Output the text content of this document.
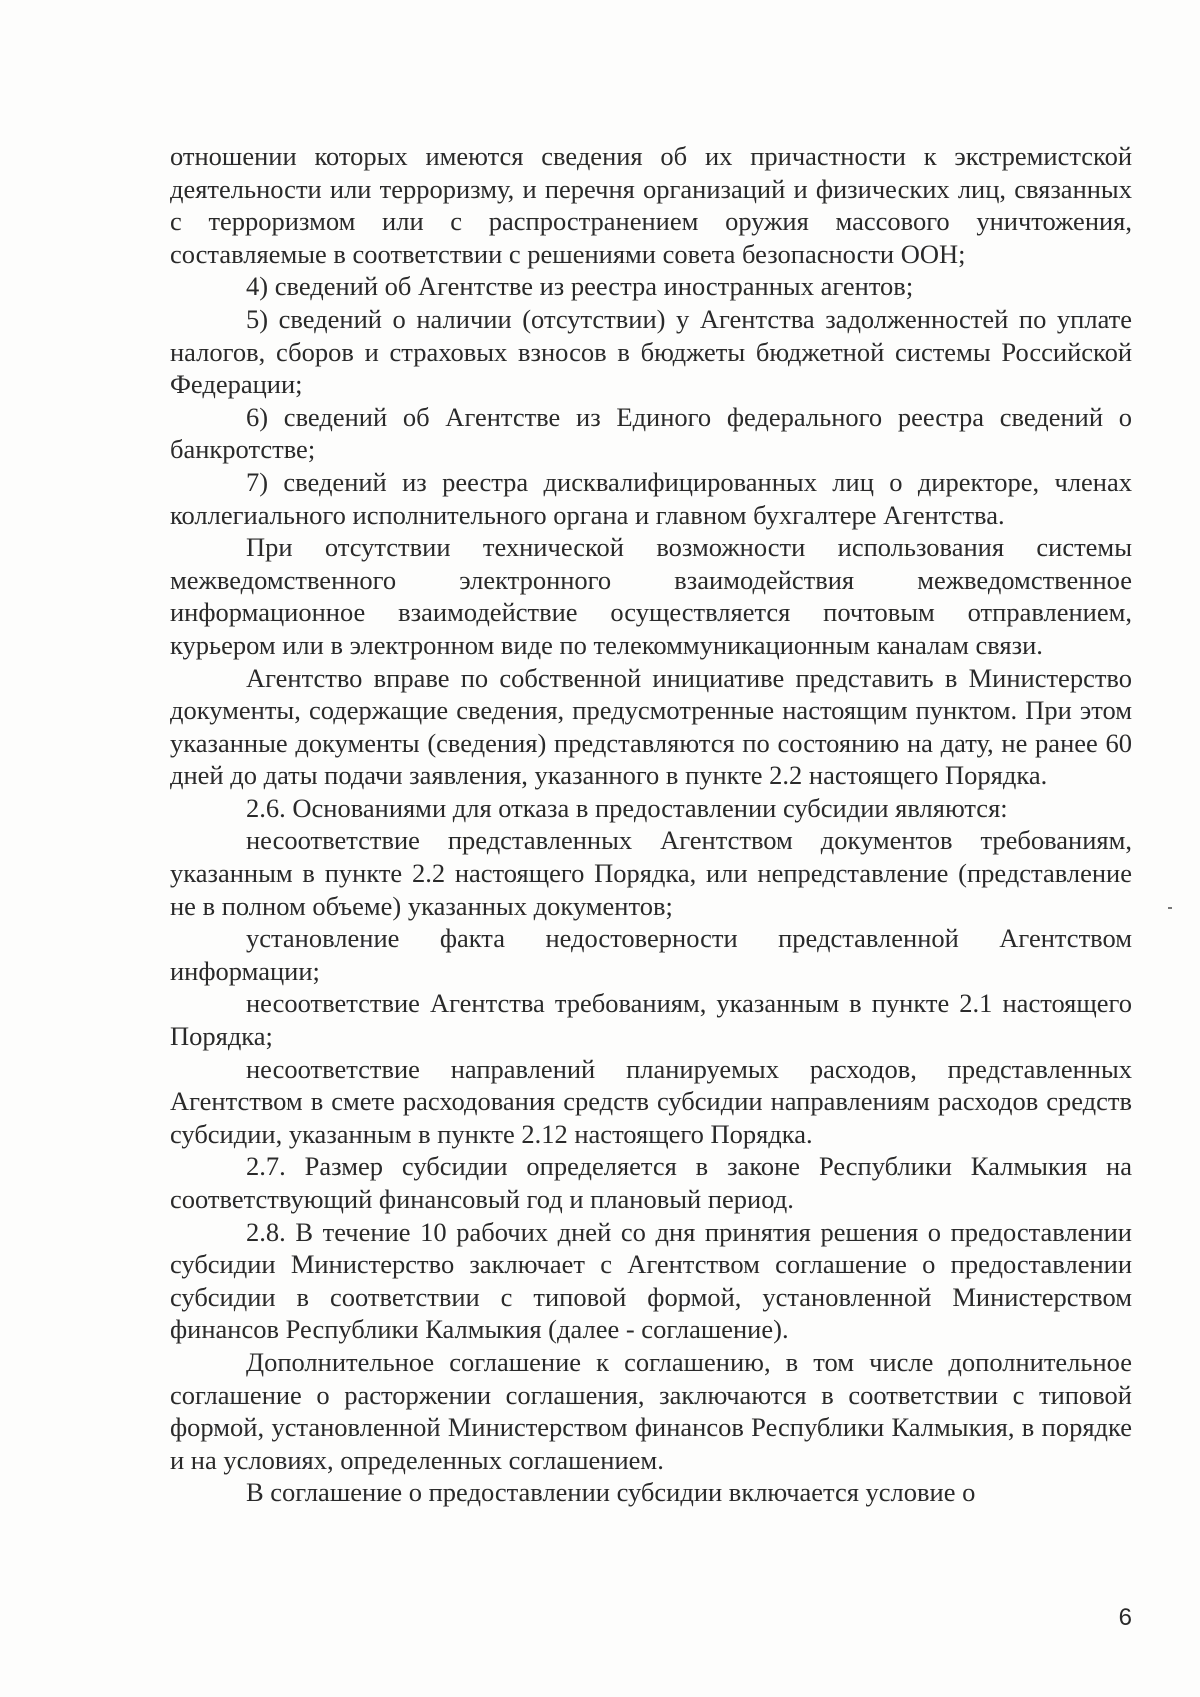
отношении которых имеются сведения об их причастности к экстремистской деятельности или терроризму, и перечня организаций и физических лиц, связанных с терроризмом или с распространением оружия массового уничтожения, составляемые в соответствии с решениями совета безопасности ООН;

4) сведений об Агентстве из реестра иностранных агентов;

5) сведений о наличии (отсутствии) у Агентства задолженностей по уплате налогов, сборов и страховых взносов в бюджеты бюджетной системы Российской Федерации;

6) сведений об Агентстве из Единого федерального реестра сведений о банкротстве;

7) сведений из реестра дисквалифицированных лиц о директоре, членах коллегиального исполнительного органа и главном бухгалтере Агентства.

При отсутствии технической возможности использования системы межведомственного электронного взаимодействия межведомственное информационное взаимодействие осуществляется почтовым отправлением, курьером или в электронном виде по телекоммуникационным каналам связи.

Агентство вправе по собственной инициативе представить в Министерство документы, содержащие сведения, предусмотренные настоящим пунктом. При этом указанные документы (сведения) представляются по состоянию на дату, не ранее 60 дней до даты подачи заявления, указанного в пункте 2.2 настоящего Порядка.

2.6. Основаниями для отказа в предоставлении субсидии являются:

несоответствие представленных Агентством документов требованиям, указанным в пункте 2.2 настоящего Порядка, или непредставление (представление не в полном объеме) указанных документов;

установление факта недостоверности представленной Агентством информации;

несоответствие Агентства требованиям, указанным в пункте 2.1 настоящего Порядка;

несоответствие направлений планируемых расходов, представленных Агентством в смете расходования средств субсидии направлениям расходов средств субсидии, указанным в пункте 2.12 настоящего Порядка.

2.7. Размер субсидии определяется в законе Республики Калмыкия на соответствующий финансовый год и плановый период.

2.8. В течение 10 рабочих дней со дня принятия решения о предоставлении субсидии Министерство заключает с Агентством соглашение о предоставлении субсидии в соответствии с типовой формой, установленной Министерством финансов Республики Калмыкия (далее - соглашение).

Дополнительное соглашение к соглашению, в том числе дополнительное соглашение о расторжении соглашения, заключаются в соответствии с типовой формой, установленной Министерством финансов Республики Калмыкия, в порядке и на условиях, определенных соглашением.

В соглашение о предоставлении субсидии включается условие о

6
